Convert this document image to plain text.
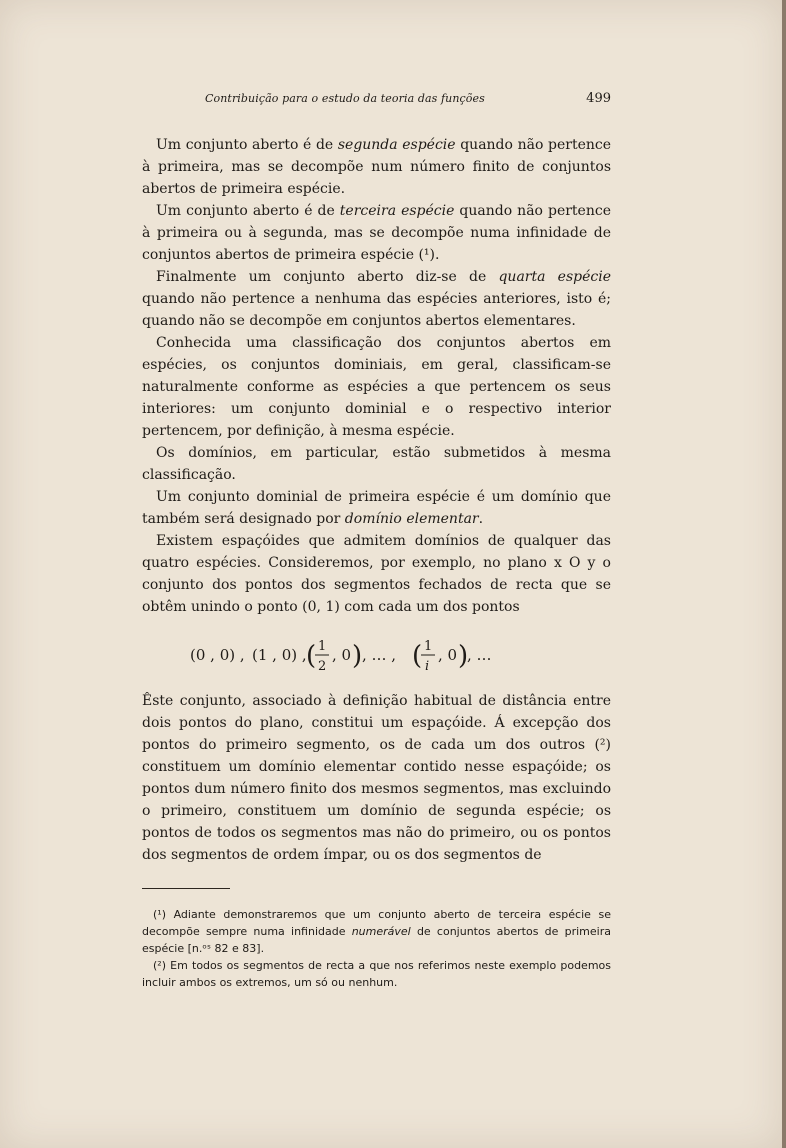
Contribuição para o estudo da teoria das funções	499

 Um conjunto aberto é de segunda espécie quando não pertence à primeira, mas se decompõe num número finito de conjuntos abertos de primeira espécie.

 Um conjunto aberto é de terceira espécie quando não pertence à primeira ou à segunda, mas se decompõe numa infinidade de conjuntos abertos de primeira espécie (¹).

 Finalmente um conjunto aberto diz-se de quarta espécie quando não pertence a nenhuma das espécies anteriores, isto é; quando não se decompõe em conjuntos abertos elementares.

 Conhecida uma classificação dos conjuntos abertos em espécies, os conjuntos dominiais, em geral, classificam-se naturalmente conforme as espécies a que pertencem os seus interiores: um conjunto dominial e o respectivo interior pertencem, por definição, à mesma espécie.

 Os domínios, em particular, estão submetidos à mesma classificação.

 Um conjunto dominial de primeira espécie é um domínio que também será designado por domínio elementar.

 Existem espaçóides que admitem domínios de qualquer das quatro espécies. Consideremos, por exemplo, no plano x O y o conjunto dos pontos dos segmentos fechados de recta que se obtêm unindo o ponto (0, 1) com cada um dos pontos

(0 , 0) , (1 , 0) , ( 1
2
, 0 ) , … , ( 1
i
, 0 )
, …

Êste conjunto, associado à definição habitual de distância entre dois pontos do plano, constitui um espaçóide. Á excepção dos pontos do primeiro segmento, os de cada um dos outros (²) constituem um domínio elementar contido nesse espaçóide; os pontos dum número finito dos mesmos segmentos, mas excluindo o primeiro, constituem um domínio de segunda espécie; os pontos de todos os segmentos mas não do primeiro, ou os pontos dos segmentos de ordem ímpar, ou os dos segmentos de

 (¹) Adiante demonstraremos que um conjunto aberto de terceira espécie se decompõe sempre numa infinidade numerável de conjuntos abertos de primeira espécie [n.ᵒˢ 82 e 83].

 (²) Em todos os segmentos de recta a que nos referimos neste exemplo podemos incluir ambos os extremos, um só ou nenhum.
